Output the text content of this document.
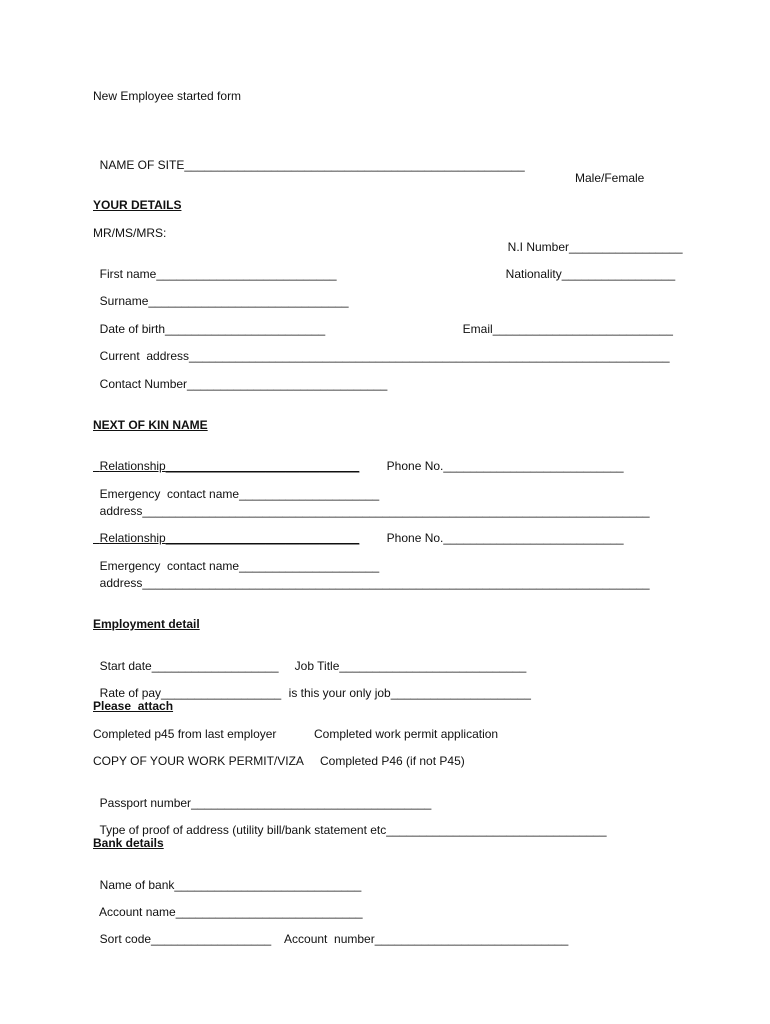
New Employee started form

NAME OF SITE___________________________________________________

Male/Female
YOUR DETAILS
MR/MS/MRS:

N.I Number_________________

First name___________________________	Nationality_________________

Surname______________________________

Date of birth________________________	Email___________________________

Current  address________________________________________________________________________

Contact Number______________________________

NEXT OF KIN NAME

Relationship_____________________________	Phone No.___________________________

Emergency  contact name_____________________

address____________________________________________________________________________

Relationship_____________________________	Phone No.___________________________

Emergency  contact name_____________________

address____________________________________________________________________________

Employment detail

Start date___________________	Job Title____________________________

Rate of pay__________________ is this your only job_____________________

Please  attach
Completed p45 from last employer	Completed work permit application
COPY OF YOUR WORK PERMIT/VIZA Completed P46 (if not P45)

Passport number____________________________________

Type of proof of address (utility bill/bank statement etc_________________________________

Bank details

Name of bank____________________________

Account name____________________________

Sort code__________________	Account  number_____________________________
